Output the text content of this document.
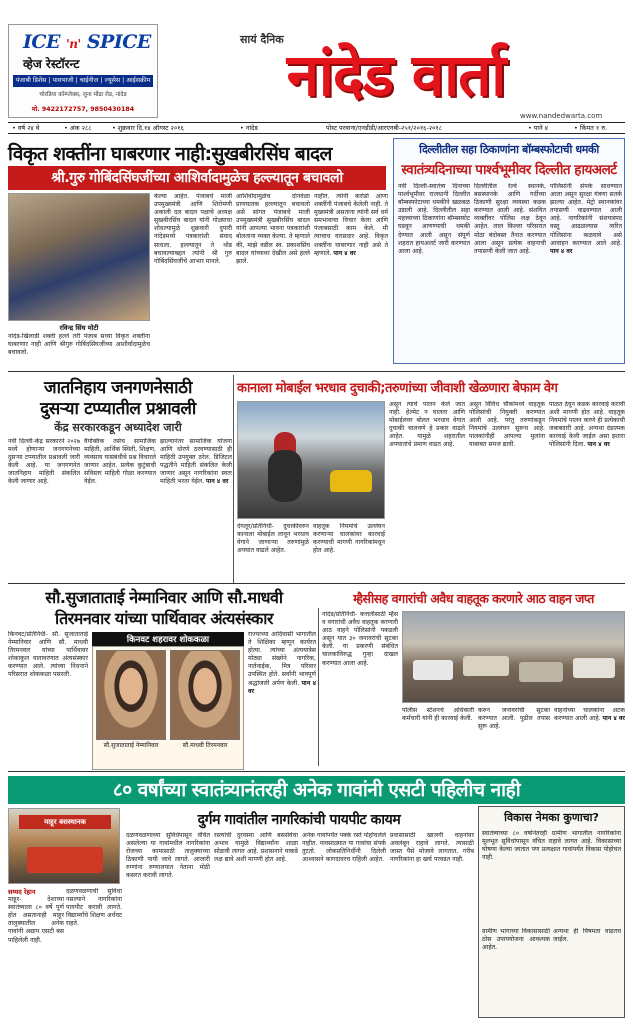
ICE 'n' SPICE
व्हेज रेस्टॉरन्ट
पंजाबी डिशेस | पावभाजी | चाईनीज | ज्यूसेस | आईसक्रीम
चोरडिया कॉम्प्लेक्स, जुना मोंढा रोड, नांदेड
मो. 9422172757, 9850430184
सायं दैनिक
नांदेड वार्ता
www.nandedwarta.com
• वर्ष २४ वे	• अंक २८८	• शुक्रवार दि.१४ ऑगस्ट २०१६	• नांदेड	पोस्ट परवाना/एनडीडी/आरएनबी-२५१/२०१६-२०१८	• पाने ४	• किंमत १ रु.
विकृत शक्तींना घाबरणार नाही:सुखबीरसिंघ बादल
श्री.गुरु गोबिंदसिंघजींच्या आशिर्वादामुळेच हल्ल्यातून बचावलो
रविन्द्र सिंघ मोटी
नांदेड-खिलाडी शक्ती हल्ले तरी पंजाब सध्या विकृत शक्तींना घाबरणार नाही आणि श्रीगुरु गोबिंदसिंघजींच्या आशीर्वादामुळेच बचावलो.
केल्या आहेत. पंजाबचे माजी उपमुख्यमंत्री आणि शिरोमणी अकाली दल बादल पक्षाचे अध्यक्ष सुखबीरसिंघ बादल यांनी गोळ्याचा शोधल्यामुळे शुक्रवारी दुपारी नांदेडमध्ये पत्रकारांशी संवाद साधला. हल्ल्यातून ते थोड बचावल्याबद्दल त्यांनी श्री गुरु गोबिंदसिंघजींचे आभार मानले.
आशिर्वादामुळेच दोनवेळा प्राणघातक हल्ल्यातून बचावलो असे सांगत पंजाबचे माजी उपमुख्यमंत्री सुखबीरसिंघ बादल यांनी आपल्या भावना पत्रकारांशी बोलताना व्यक्त केल्या. ते म्हणाले की, माझे वडील स्व. प्रकाशसिंघ बादल यांच्यावर देखील असे हल्ले झाले.
नाहीत. त्यांनी करोडो आणा शक्तींनी पंजाबचे केलेली नाही. ते मुख्यमंत्री असताना त्यांनी सर्व धर्म समभावाचा विचार केला आणि पंजाबसाठी काम केले. मी त्याचाच वारसदार आहे. विकृत शक्तींना घाबरणार नाही असे ते म्हणाले. पान ४ वर
दिल्लीतील सहा ठिकाणांना बॉम्बस्फोटाची धमकी
स्वातंत्र्यदिनाच्या पार्श्वभूमीवर दिल्लीत हायअलर्ट
नवी दिल्ली-स्वातंत्र्य दिनाच्या पार्श्वभूमीवर राजधानी दिल्लीत बॉम्बस्फोटाच्या धमकीने खळबळ उडाली आहे. दिल्लीतील सहा महत्त्वाच्या ठिकाणांना बॉम्बस्फोट घडवून आणण्याची धमकी देण्यात आली असून संपूर्ण शहरात हायअलर्ट जारी करण्यात आला आहे.
दिल्लीतील रेल्वे स्थानके, बसस्थानके आणि गर्दीच्या ठिकाणी सुरक्षा व्यवस्था कडक करण्यात आली आहे. संशयित व्यक्तींवर पोलिस लक्ष ठेवून आहेत. लाल किल्ला परिसरात मोठा बंदोबस्त तैनात करण्यात आला असून प्रत्येक वाहनाची तपासणी केली जात आहे.
पोलिसांनी संपर्क साधण्यात आला असून सुरक्षा यंत्रणा सतर्क झाल्या आहेत. मेट्रो स्थानकांवर तपासणी वाढवण्यात आली आहे. नागरिकांनी संशयास्पद वस्तू आढळल्यास त्वरित पोलिसांना कळवावे असे आवाहन करण्यात आले आहे. पान ४ वर
जातनिहाय जनगणनेसाठी
दुसऱ्या टप्प्यातील प्रश्नावली
केंद्र सरकारकडून अध्यादेश जारी
नवी दिल्ली-केंद्र सरकारने २०२७ मध्ये होणाऱ्या जनगणनेच्या दुसऱ्या टप्प्यातील प्रश्नावली जारी केली आहे. या जनगणनेत जातनिहाय माहिती संकलित केली जाणार आहे.
वैयक्तिक तसेच सामाजिक माहिती, आर्थिक स्थिती, शिक्षण, व्यवसाय यासंबंधीचे प्रश्न विचारले जाणार आहेत. प्रत्येक कुटुंबाची सविस्तर माहिती गोळा करण्यात येईल.
झाल्यानंतर सामाजिक योजना आणि धोरणे ठरवण्यासाठी ही माहिती उपयुक्त ठरेल. डिजिटल पद्धतीने माहिती संकलित केली जाणार असून नागरिकांना स्वतः माहिती भरता येईल. पान ४ वर
कानाला मोबाईल भरधाव दुचाकी;तरुणांच्या जीवाशी खेळणारा बेफाम वेग
देगलूर/प्रतिनिधी- दुचाकीवरुन कानाला मोबाईल लावून भरधाव वेगाने जाणाऱ्या तरुणांमुळे अपघात वाढले आहेत.
वाहतूक नियमांचे उल्लंघन करणाऱ्या चालकांवर कारवाई करण्याची मागणी नागरिकांमधून होत आहे.
असून त्याचे पालन केले जात नाही. हेल्मेट न घालता आणि मोबाईलवर बोलत भरधाव वेगात दुचाकी चालवणे हे प्रकार वाढले आहेत. यामुळे शहरातील अपघातांचे प्रमाण वाढत आहे.
असून विविध चौकांमध्ये वाहतूक पोलिसांची नियुक्ती करण्यात आली आहे. परंतु तरुणांकडून नियमांचे उल्लंघन सुरूच आहे. पालकांनीही आपल्या मुलांना याबाबत समज द्यावी.
पाळत ठेवून कडक कारवाई करावी अशी मागणी होत आहे. वाहतूक नियमांचे पालन करणे ही प्रत्येकाची जबाबदारी आहे. अन्यथा दंडात्मक कारवाई केली जाईल असा इशारा पोलिसांनी दिला. पान ४ वर
सौ.सुजाताताई नेम्मानिवार आणि सौ.माधवी
तिरमनवार यांच्या पार्थिवावर अंत्यसंस्कार
किनवट/प्रतिनिधी- सौ. सुजाताताई नेम्मानिवार आणि सौ. माधवी तिरमनवार यांच्या पार्थिवावर शोकाकुल वातावरणात अंत्यसंस्कार करण्यात आले. त्यांच्या निधनाने परिसरात शोककळा पसरली.
किनवट शहरावर शोककळा
सौ.सुजाताताई नेम्मानिवार	सौ.माधवी तिरमनवार
राज्याच्या आदिवासी भागातील ते शिक्षिका म्हणून कार्यरत होत्या. त्यांच्या अंत्ययात्रेस मोठ्या संख्येने नागरिक, नातेवाईक, मित्र परिवार उपस्थित होते. सर्वांनी भावपूर्ण श्रद्धांजली अर्पण केली. पान ४ वर
म्हैसीसह वगारांची अवैध वाहतूक करणारे आठ वाहन जप्त
नांदेड/प्रतिनिधी- कत्तलीसाठी म्हैस व वगारांची अवैध वाहतूक करणारी आठ वाहने पोलिसांनी पकडली असून यात ३० जनावरांची सुटका केली. या प्रकरणी संबंधित चालकांविरुद्ध गुन्हा दाखल करण्यात आला आहे.
पोलीस स्टेशनचे अधिकारी कर्मचारी यांनी ही कारवाई केली.
करुन जनावरांची सुटका करण्यात आली. पुढील तपास सुरू आहे.
वाहनांच्या चालकांना अटक करण्यात आली आहे. पान ४ वर
८० वर्षांच्या स्वातंत्र्यानंतरही अनेक गावांनी एसटी पहिलीच नाही
माहूर बसस्थानक	दुर्गम गावांतील नागरिकांची पायपीट कायम
सय्यद रेहान
माहूर- देशाच्या स्वातंत्र्याला ८० वर्षे पूर्ण होत असतानाही माहूर तालुक्यातील अनेक गावांनी अद्याप एसटी बस पाहिलेली नाही.
दळणवळणाची सुविधा नसल्याने नागरिकांना पायपीट करावी लागते. विद्यार्थ्यांचे शिक्षण अर्धवट राहते.
दळणवळणाच्या सुविधेपासून वंचित असलेल्या या गावांमधील नागरिकांना रोजच्या कामासाठी तालुक्याच्या ठिकाणी पायी जावे लागते. आजारी रुग्णांना रुग्णालयात नेताना मोठी कसरत करावी लागते.
रस्त्यांची दुरवस्था आणि बससेवेचा अभाव यामुळे विद्यार्थ्यांना शाळा सोडावी लागत आहे. प्रशासनाने याकडे लक्ष द्यावे अशी मागणी होत आहे.
अनेक गावांपर्यंत पक्के रस्ते पोहोचलेले नाहीत. पावसाळ्यात या गावांचा संपर्क तुटतो. लोकप्रतिनिधींनी दिलेली आश्वासने कागदावरच राहिली आहेत.
प्रवासासाठी खाजगी वाहनांवर अवलंबून राहावे लागते. त्यासाठी जास्त पैसे मोजावे लागतात. गरीब नागरिकांना हा खर्च परवडत नाही.
विकास नेमका कुणाचा?
स्वातंत्र्याच्या ८० वर्षानंतरही ग्रामीण भागातील नागरिकांना मूलभूत सुविधांपासून वंचित राहावे लागत आहे. विकासाच्या घोषणा केल्या जातात पण प्रत्यक्षात गावांपर्यंत विकास पोहोचत नाही.
ग्रामीण भागाच्या विकासासाठी ठोस उपाययोजना आवश्यक आहेत.
अन्यथा ही विषमता वाढतच जाईल.
